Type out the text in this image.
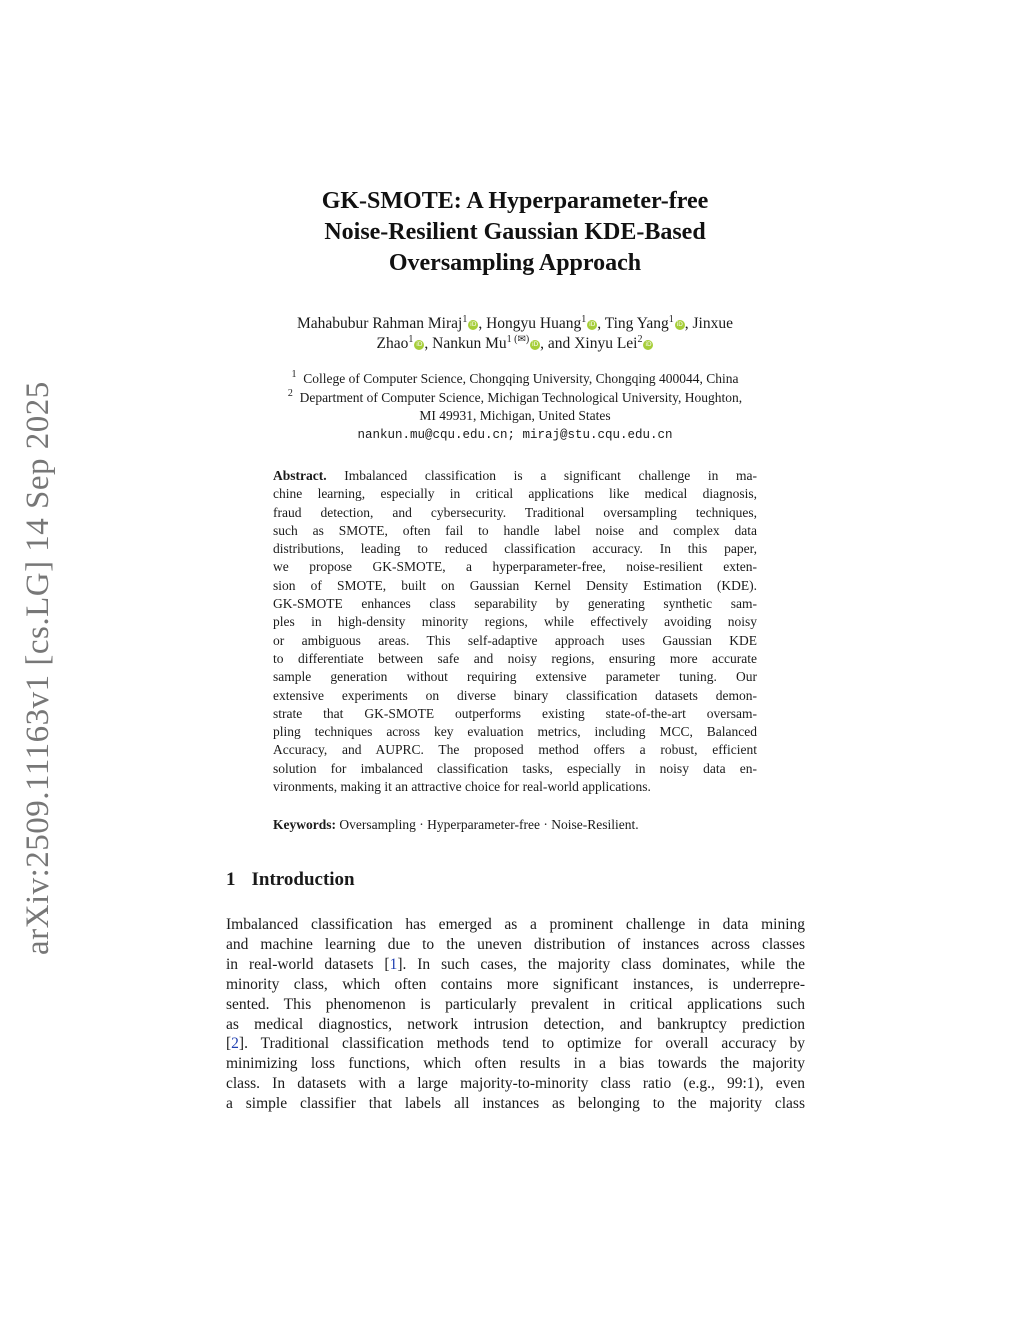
arXiv:2509.11163v1 [cs.LG] 14 Sep 2025
GK-SMOTE: A Hyperparameter-free
Noise-Resilient Gaussian KDE-Based
Oversampling Approach
Mahabubur Rahman Miraj$^1$ iD , Hongyu Huang$^1$ iD , Ting Yang$^1$ iD , Jinxue
Zhao$^1$ iD , Nankun $Mu^{1 (✉)}$ iD , and Xinyu Lei$^2$ iD
$^1$ College of Computer Science, Chongqing University, Chongqing 400044, China
$^2$ Department of Computer Science, Michigan Technological University, Houghton,
MI 49931, Michigan, United States
nankun.mu@cqu.edu.cn; miraj@stu.cqu.edu.cn
Abstract. Imbalanced classification is a significant challenge in ma-
chine learning, especially in critical applications like medical diagnosis,
fraud detection, and cybersecurity. Traditional oversampling techniques,
such as SMOTE, often fail to handle label noise and complex data
distributions, leading to reduced classification accuracy. In this paper,
we propose GK-SMOTE, a hyperparameter-free, noise-resilient exten-
sion of SMOTE, built on Gaussian Kernel Density Estimation (KDE).
GK-SMOTE enhances class separability by generating synthetic sam-
ples in high-density minority regions, while effectively avoiding noisy
or ambiguous areas. This self-adaptive approach uses Gaussian KDE
to differentiate between safe and noisy regions, ensuring more accurate
sample generation without requiring extensive parameter tuning. Our
extensive experiments on diverse binary classification datasets demon-
strate that GK-SMOTE outperforms existing state-of-the-art oversam-
pling techniques across key evaluation metrics, including MCC, Balanced
Accuracy, and AUPRC. The proposed method offers a robust, efficient
solution for imbalanced classification tasks, especially in noisy data en-
vironments, making it an attractive choice for real-world applications.
Keywords: Oversampling · Hyperparameter-free · Noise-Resilient.
1 Introduction
Imbalanced classification has emerged as a prominent challenge in data mining
and machine learning due to the uneven distribution of instances across classes
in real-world datasets [1]. In such cases, the majority class dominates, while the
minority class, which often contains more significant instances, is underrepre-
sented. This phenomenon is particularly prevalent in critical applications such
as medical diagnostics, network intrusion detection, and bankruptcy prediction
[2]. Traditional classification methods tend to optimize for overall accuracy by
minimizing loss functions, which often results in a bias towards the majority
class. In datasets with a large majority-to-minority class ratio (e.g., 99:1), even
a simple classifier that labels all instances as belonging to the majority class
